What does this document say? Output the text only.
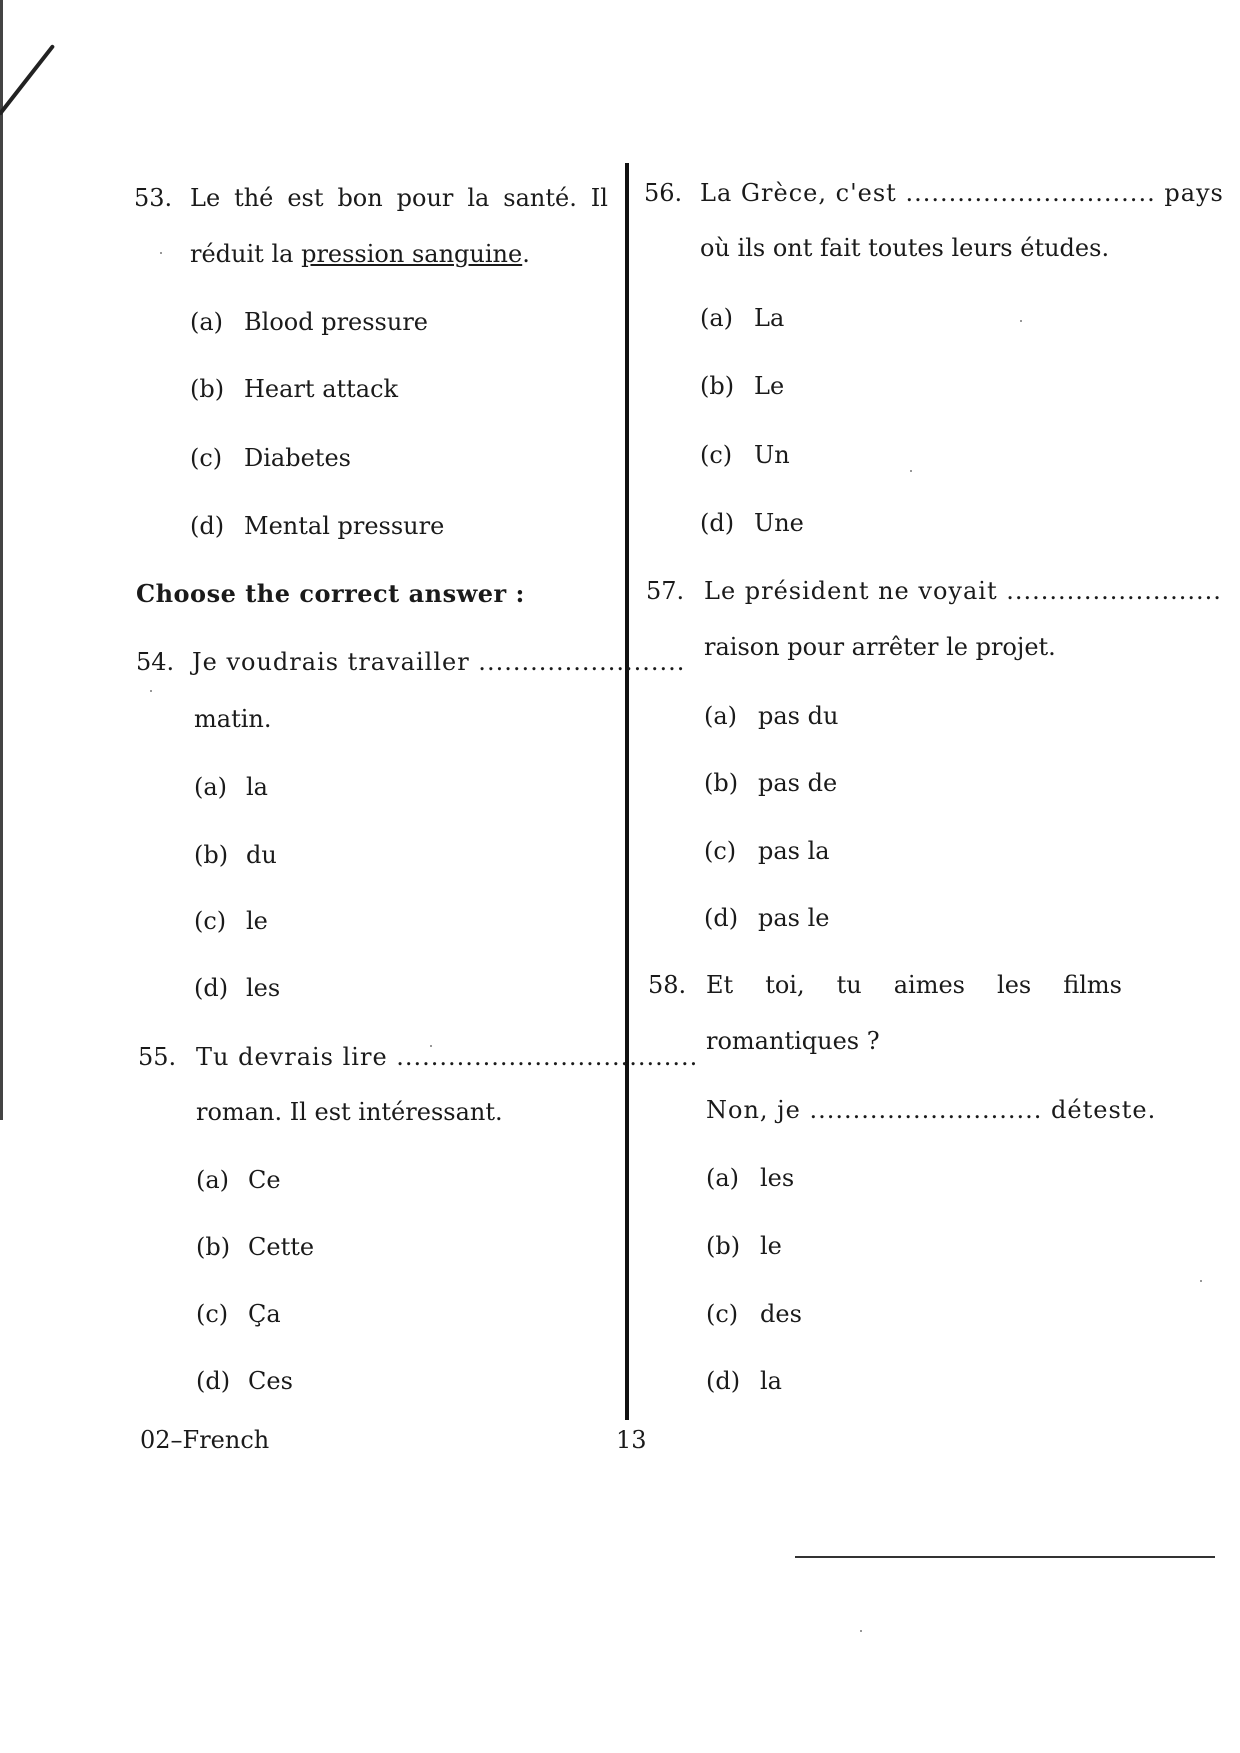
53. Le thé est bon pour la santé. Il
réduit la pression sanguine.
(a) Blood pressure
(b) Heart attack
(c) Diabetes
(d) Mental pressure
Choose the correct answer :
54. Je voudrais travailler ........................
matin.
(a) la
(b) du
(c) le
(d) les
55. Tu devrais lire ...................................
roman. Il est intéressant.
(a) Ce
(b) Cette
(c) Ça
(d) Ces
56. La Grèce, c'est ............................. pays
où ils ont fait toutes leurs études.
(a) La
(b) Le
(c) Un
(d) Une
57. Le président ne voyait .........................
raison pour arrêter le projet.
(a) pas du
(b) pas de
(c) pas la
(d) pas le
58. Et toi, tu aimes les films
romantiques ?
Non, je ........................... déteste.
(a) les
(b) le
(c) des
(d) la
02–French	13
